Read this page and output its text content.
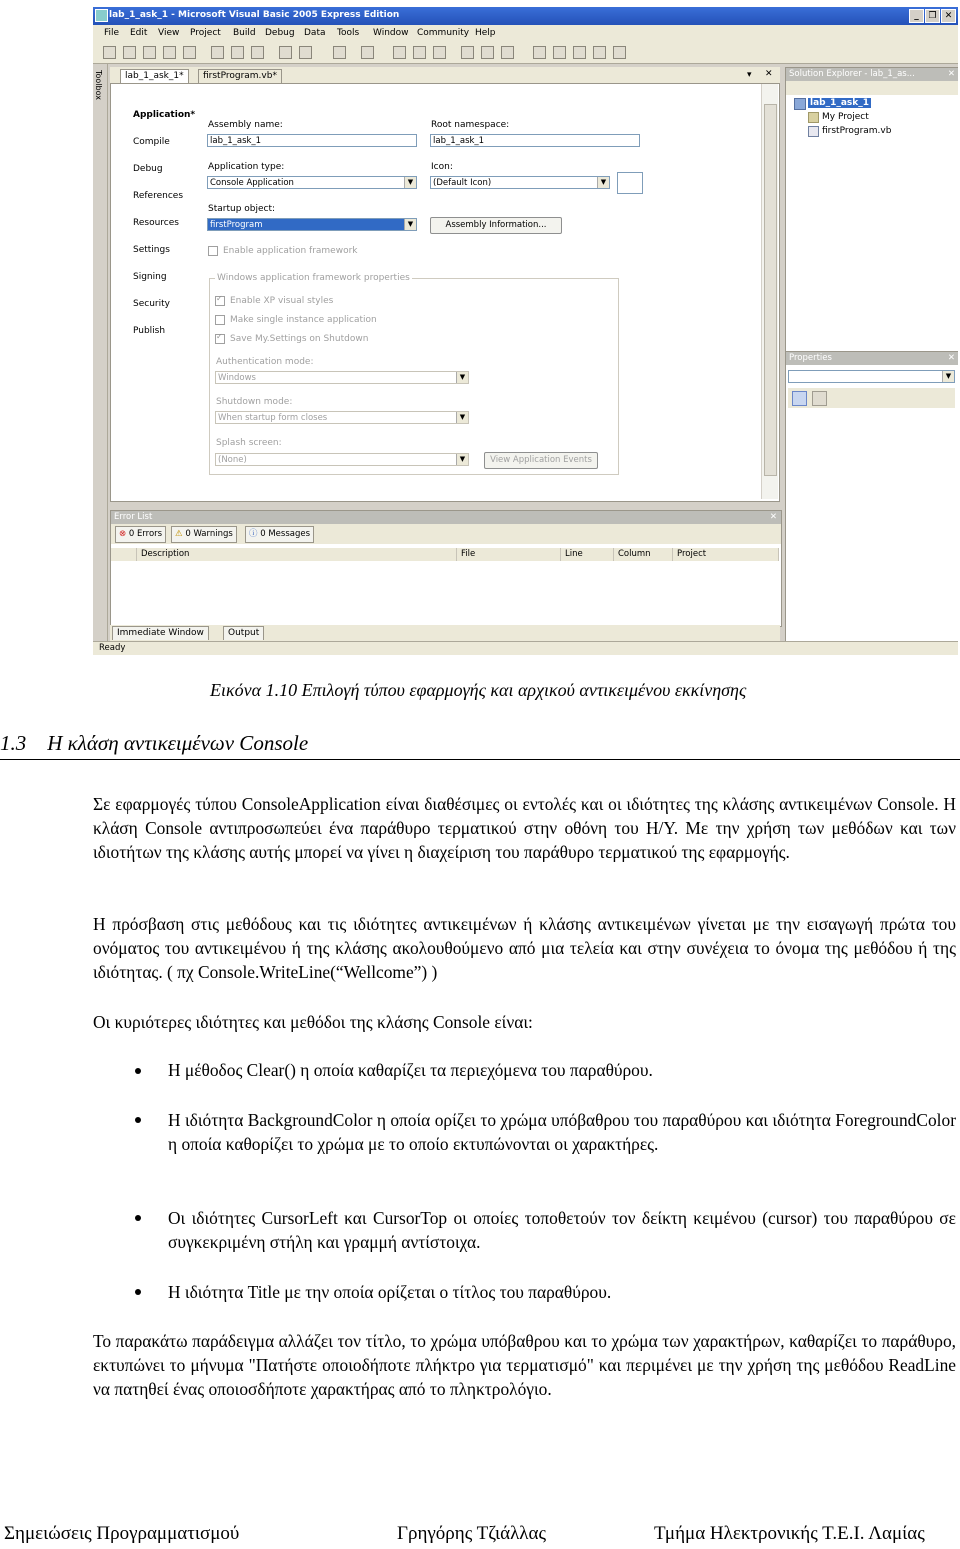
lab_1_ask_1 - Microsoft Visual Basic 2005 Express Edition	_	❐ ✕
File Edit View Project Build Debug Data Tools Window Community Help
Toolbox	lab_1_ask_1*	firstProgram.vb*	▾ ✕
Application*
Compile
Debug
References
Resources
Settings
Signing
Security
Publish
Assembly name:
lab_1_ask_1
Root namespace:
lab_1_ask_1
Application type:
Console Application	▼
Icon:
(Default Icon)	▼
Startup object:
firstProgram	▼	Assembly Information...
Enable application framework
Windows application framework properties
✓
Enable XP visual styles
Make single instance application
✓
Save My.Settings on Shutdown
Authentication mode:
Windows	▼
Shutdown mode:
When startup form closes	▼
Splash screen:
(None)	▼	View Application Events
Solution Explorer - lab_1_as...	✕
lab_1_ask_1
My Project
firstProgram.vb
Properties	✕
▼
Error List	✕
⊗ 0 Errors	⚠ 0 Warnings	ⓘ 0 Messages
Description	File	Line	Column	Project
Immediate Window	Output
Ready
Εικόνα 1.10 Επιλογή τύπου εφαρμογής και αρχικού αντικειμένου εκκίνησης
1.3    Η κλάση αντικειμένων Console
Σε εφαρμογές τύπου ConsoleApplication είναι διαθέσιμες οι εντολές και οι ιδιότητες της κλάσης αντικειμένων Console. Η κλάση Console αντιπροσωπεύει ένα παράθυρο τερματικού στην οθόνη του Η/Υ. Με την χρήση των μεθόδων και των ιδιοτήτων της κλάσης αυτής μπορεί να γίνει η διαχείριση του παράθυρο τερματικού της εφαρμογής.
Η πρόσβαση στις μεθόδους και τις ιδιότητες αντικειμένων ή κλάσης αντικειμένων γίνεται με την εισαγωγή πρώτα του ονόματος του αντικειμένου ή της κλάσης ακολουθούμενο από μια τελεία και στην συνέχεια το όνομα της μεθόδου ή της ιδιότητας. ( πχ Console.WriteLine(“Wellcome”) )
Οι κυριότερες ιδιότητες και μεθόδοι της κλάσης Console είναι:
Η μέθοδος Clear() η οποία καθαρίζει τα περιεχόμενα του παραθύρου.
Η ιδιότητα BackgroundColor η οποία ορίζει το χρώμα υπόβαθρου του παραθύρου και ιδιότητα ForegroundColor η οποία καθορίζει το χρώμα με το οποίο εκτυπώνονται οι χαρακτήρες.
Οι ιδιότητες CursorLeft και CursorTop οι οποίες τοποθετούν τον δείκτη κειμένου (cursor) του παραθύρου σε συγκεκριμένη στήλη και γραμμή αντίστοιχα.
Η ιδιότητα Title με την οποία ορίζεται ο τίτλος του παραθύρου.
Το παρακάτω παράδειγμα αλλάζει τον τίτλο, το χρώμα υπόβαθρου και το χρώμα των χαρακτήρων, καθαρίζει το παράθυρο, εκτυπώνει το μήνυμα "Πατήστε οποιοδήποτε πλήκτρο για τερματισμό" και περιμένει με την χρήση της μεθόδου ReadLine να πατηθεί ένας οποιοσδήποτε χαρακτήρας από το πληκτρολόγιο.
Σημειώσεις Προγραμματισμού	Γρηγόρης Τζιάλλας	Τμήμα Ηλεκτρονικής Τ.Ε.Ι. Λαμίας
